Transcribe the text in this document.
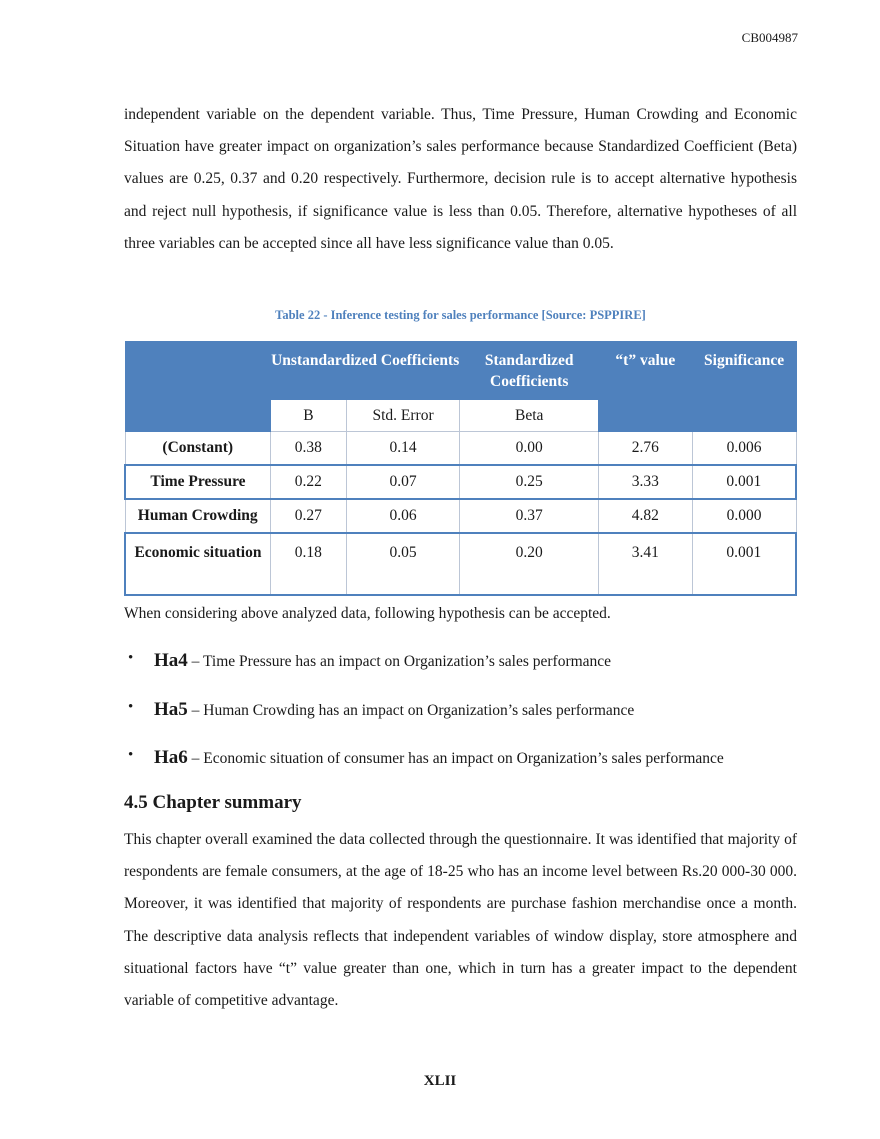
CB004987

independent variable on the dependent variable. Thus, Time Pressure, Human Crowding and Economic Situation have greater impact on organization’s sales performance because Standardized Coefficient (Beta) values are 0.25, 0.37 and 0.20 respectively. Furthermore, decision rule is to accept alternative hypothesis and reject null hypothesis, if significance value is less than 0.05. Therefore, alternative hypotheses of all three variables can be accepted since all have less significance value than 0.05.

Table 22 - Inference testing for sales performance [Source: PSPPIRE]
	Unstandardized Coefficients		Standardized Coefficients	“t” value	Significance
	B	Std. Error	Beta		
(Constant)	0.38	0.14	0.00	2.76	0.006
Time Pressure	0.22	0.07	0.25	3.33	0.001
Human Crowding	0.27	0.06	0.37	4.82	0.000
Economic situation	0.18	0.05	0.20	3.41	0.001

When considering above analyzed data, following hypothesis can be accepted.

• Ha4 – Time Pressure has an impact on Organization’s sales performance
• Ha5 – Human Crowding has an impact on Organization’s sales performance
• Ha6 – Economic situation of consumer has an impact on Organization’s sales performance
4.5 Chapter summary

This chapter overall examined the data collected through the questionnaire. It was identified that majority of respondents are female consumers, at the age of 18-25 who has an income level between Rs.20 000-30 000. Moreover, it was identified that majority of respondents are purchase fashion merchandise once a month. The descriptive data analysis reflects that independent variables of window display, store atmosphere and situational factors have “t” value greater than one, which in turn has a greater impact to the dependent variable of competitive advantage.

XLII
